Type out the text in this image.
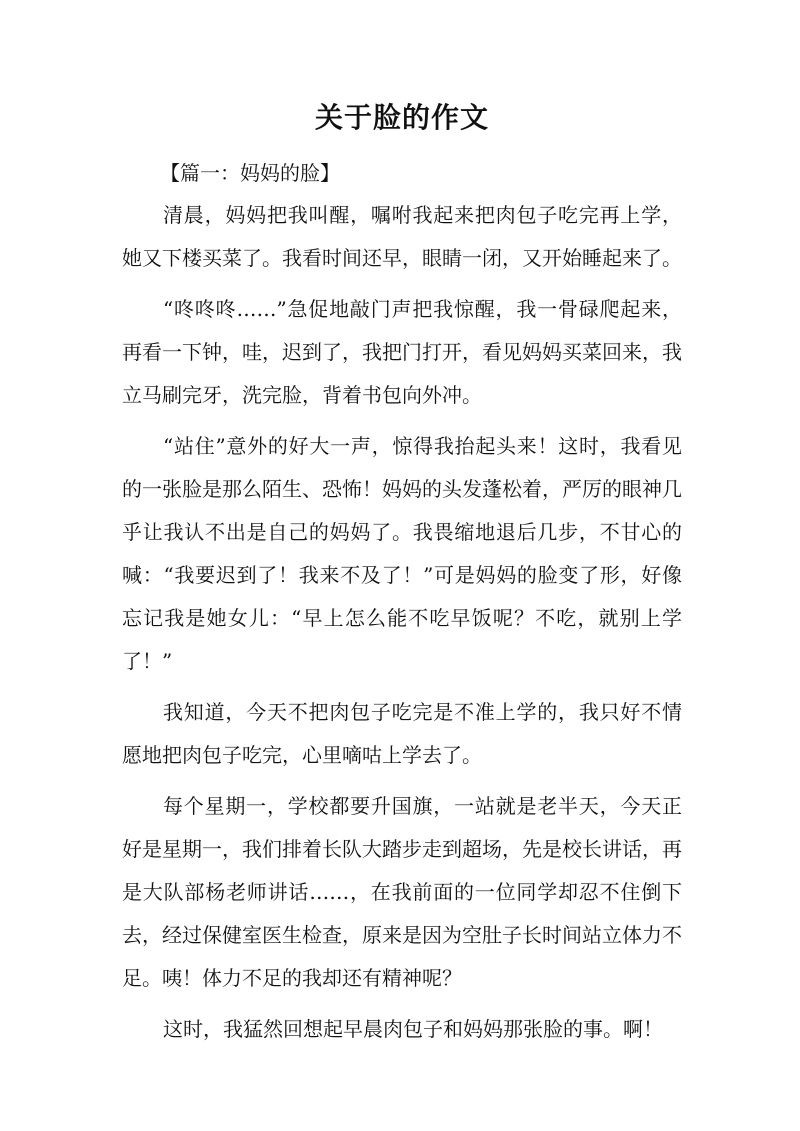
关于脸的作文
【篇一：妈妈的脸】

清晨，妈妈把我叫醒，嘱咐我起来把肉包子吃完再上学，她又下楼买菜了。我看时间还早，眼睛一闭，又开始睡起来了。

“咚咚咚……”急促地敲门声把我惊醒，我一骨碌爬起来，再看一下钟，哇，迟到了，我把门打开，看见妈妈买菜回来，我立马刷完牙，洗完脸，背着书包向外冲。

“站住”意外的好大一声，惊得我抬起头来！这时，我看见的一张脸是那么陌生、恐怖！妈妈的头发蓬松着，严厉的眼神几乎让我认不出是自己的妈妈了。我畏缩地退后几步，不甘心的喊：“我要迟到了！我来不及了！”可是妈妈的脸变了形，好像忘记我是她女儿：“早上怎么能不吃早饭呢？不吃，就别上学了！”

我知道，今天不把肉包子吃完是不准上学的，我只好不情愿地把肉包子吃完，心里嘀咕上学去了。

每个星期一，学校都要升国旗，一站就是老半天，今天正好是星期一，我们排着长队大踏步走到超场，先是校长讲话，再是大队部杨老师讲话……，在我前面的一位同学却忍不住倒下去，经过保健室医生检查，原来是因为空肚子长时间站立体力不足。咦！体力不足的我却还有精神呢？

这时，我猛然回想起早晨肉包子和妈妈那张脸的事。啊！
